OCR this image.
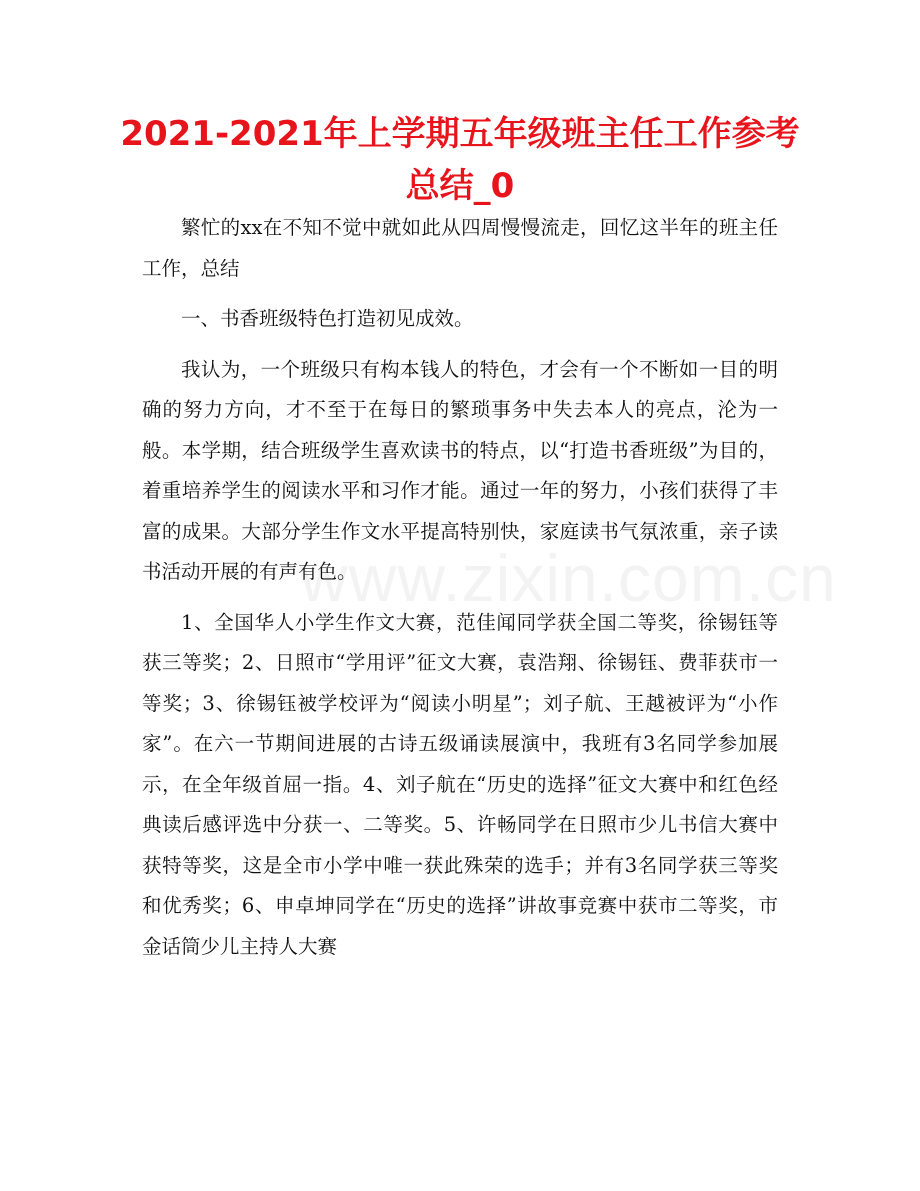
2021-2021年上学期五年级班主任工作参考总结_0
www.zixin.com.cn

繁忙的xx在不知不觉中就如此从四周慢慢流走，回忆这半年的班主任工作，总结

一、书香班级特色打造初见成效。

我认为，一个班级只有构本钱人的特色，才会有一个不断如一目的明确的努力方向，才不至于在每日的繁琐事务中失去本人的亮点，沦为一般。本学期，结合班级学生喜欢读书的特点，以“打造书香班级”为目的，着重培养学生的阅读水平和习作才能。通过一年的努力，小孩们获得了丰富的成果。大部分学生作文水平提高特别快，家庭读书气氛浓重，亲子读书活动开展的有声有色。

1、全国华人小学生作文大赛，范佳闻同学获全国二等奖，徐锡钰等获三等奖；2、日照市“学用评”征文大赛，袁浩翔、徐锡钰、费菲获市一等奖；3、徐锡钰被学校评为“阅读小明星”；刘子航、王越被评为“小作家”。在六一节期间进展的古诗五级诵读展演中，我班有3名同学参加展示，在全年级首屈一指。4、刘子航在“历史的选择”征文大赛中和红色经典读后感评选中分获一、二等奖。5、许畅同学在日照市少儿书信大赛中获特等奖，这是全市小学中唯一获此殊荣的选手；并有3名同学获三等奖和优秀奖；6、申卓坤同学在“历史的选择”讲故事竞赛中获市二等奖，市金话筒少儿主持人大赛
